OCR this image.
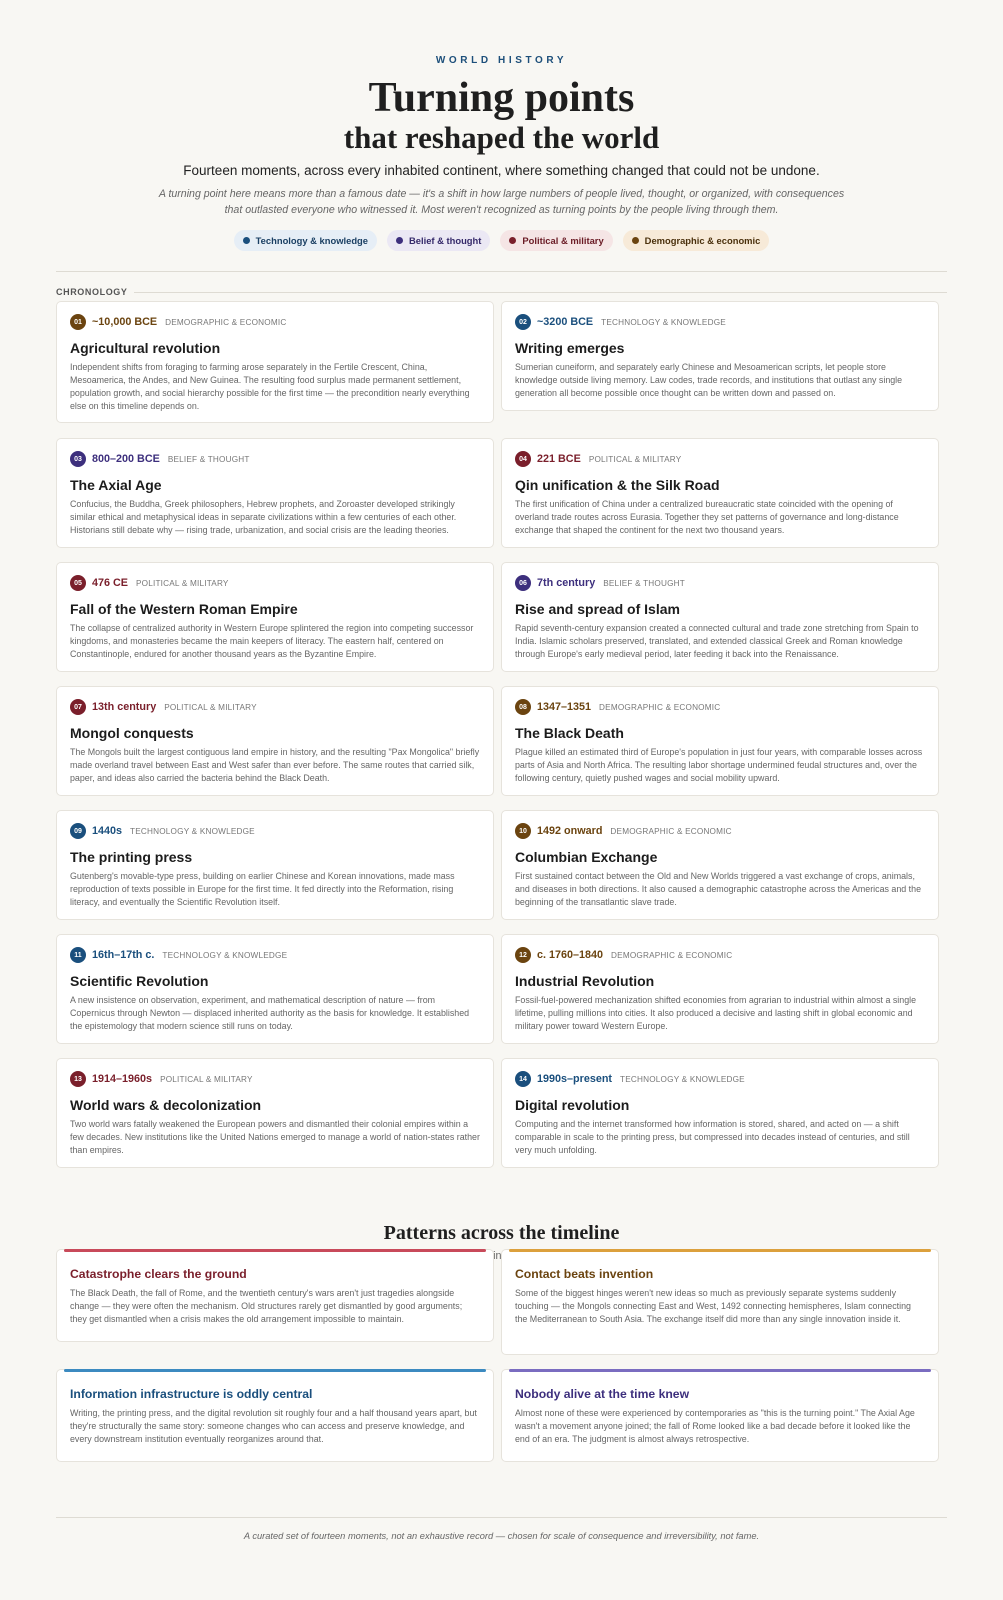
WORLD HISTORY
Turning points
that reshaped the world
Fourteen moments, across every inhabited continent, where something changed that could not be undone.
A turning point here means more than a famous date — it's a shift in how large numbers of people lived, thought, or organized, with consequences that outlasted everyone who witnessed it. Most weren't recognized as turning points by the people living through them.
Technology & knowledge	Belief & thought	Political & military	Demographic & economic
CHRONOLOGY
01 ~10,000 BCE DEMOGRAPHIC & ECONOMIC
Agricultural revolution
Independent shifts from foraging to farming arose separately in the Fertile Crescent, China, Mesoamerica, the Andes, and New Guinea. The resulting food surplus made permanent settlement, population growth, and social hierarchy possible for the first time — the precondition nearly everything else on this timeline depends on.
02 ~3200 BCE TECHNOLOGY & KNOWLEDGE
Writing emerges
Sumerian cuneiform, and separately early Chinese and Mesoamerican scripts, let people store knowledge outside living memory. Law codes, trade records, and institutions that outlast any single generation all become possible once thought can be written down and passed on.
03 800–200 BCE BELIEF & THOUGHT
The Axial Age
Confucius, the Buddha, Greek philosophers, Hebrew prophets, and Zoroaster developed strikingly similar ethical and metaphysical ideas in separate civilizations within a few centuries of each other. Historians still debate why — rising trade, urbanization, and social crisis are the leading theories.
04 221 BCE POLITICAL & MILITARY
Qin unification & the Silk Road
The first unification of China under a centralized bureaucratic state coincided with the opening of overland trade routes across Eurasia. Together they set patterns of governance and long-distance exchange that shaped the continent for the next two thousand years.
05 476 CE POLITICAL & MILITARY
Fall of the Western Roman Empire
The collapse of centralized authority in Western Europe splintered the region into competing successor kingdoms, and monasteries became the main keepers of literacy. The eastern half, centered on Constantinople, endured for another thousand years as the Byzantine Empire.
06 7th century BELIEF & THOUGHT
Rise and spread of Islam
Rapid seventh-century expansion created a connected cultural and trade zone stretching from Spain to India. Islamic scholars preserved, translated, and extended classical Greek and Roman knowledge through Europe's early medieval period, later feeding it back into the Renaissance.
07 13th century POLITICAL & MILITARY
Mongol conquests
The Mongols built the largest contiguous land empire in history, and the resulting "Pax Mongolica" briefly made overland travel between East and West safer than ever before. The same routes that carried silk, paper, and ideas also carried the bacteria behind the Black Death.
08 1347–1351 DEMOGRAPHIC & ECONOMIC
The Black Death
Plague killed an estimated third of Europe's population in just four years, with comparable losses across parts of Asia and North Africa. The resulting labor shortage undermined feudal structures and, over the following century, quietly pushed wages and social mobility upward.
09 1440s TECHNOLOGY & KNOWLEDGE
The printing press
Gutenberg's movable-type press, building on earlier Chinese and Korean innovations, made mass reproduction of texts possible in Europe for the first time. It fed directly into the Reformation, rising literacy, and eventually the Scientific Revolution itself.
10 1492 onward DEMOGRAPHIC & ECONOMIC
Columbian Exchange
First sustained contact between the Old and New Worlds triggered a vast exchange of crops, animals, and diseases in both directions. It also caused a demographic catastrophe across the Americas and the beginning of the transatlantic slave trade.
11 16th–17th c. TECHNOLOGY & KNOWLEDGE
Scientific Revolution
A new insistence on observation, experiment, and mathematical description of nature — from Copernicus through Newton — displaced inherited authority as the basis for knowledge. It established the epistemology that modern science still runs on today.
12 c. 1760–1840 DEMOGRAPHIC & ECONOMIC
Industrial Revolution
Fossil-fuel-powered mechanization shifted economies from agrarian to industrial within almost a single lifetime, pulling millions into cities. It also produced a decisive and lasting shift in global economic and military power toward Western Europe.
13 1914–1960s POLITICAL & MILITARY
World wars & decolonization
Two world wars fatally weakened the European powers and dismantled their colonial empires within a few decades. New institutions like the United Nations emerged to manage a world of nation-states rather than empires.
14 1990s–present TECHNOLOGY & KNOWLEDGE
Digital revolution
Computing and the internet transformed how information is stored, shared, and acted on — a shift comparable in scale to the printing press, but compressed into decades instead of centuries, and still very much unfolding.
Patterns across the timeline
Catastrophe clears the ground
The Black Death, the fall of Rome, and the twentieth century's wars aren't just tragedies alongside change — they were often the mechanism. Old structures rarely get dismantled by good arguments; they get dismantled when a crisis makes the old arrangement impossible to maintain.
Contact beats invention
Some of the biggest hinges weren't new ideas so much as previously separate systems suddenly touching — the Mongols connecting East and West, 1492 connecting hemispheres, Islam connecting the Mediterranean to South Asia. The exchange itself did more than any single innovation inside it.
Information infrastructure is oddly central
Writing, the printing press, and the digital revolution sit roughly four and a half thousand years apart, but they're structurally the same story: someone changes who can access and preserve knowledge, and every downstream institution eventually reorganizes around that.
Nobody alive at the time knew
Almost none of these were experienced by contemporaries as "this is the turning point." The Axial Age wasn't a movement anyone joined; the fall of Rome looked like a bad decade before it looked like the end of an era. The judgment is almost always retrospective.
A curated set of fourteen moments, not an exhaustive record — chosen for scale of consequence and irreversibility, not fame.
